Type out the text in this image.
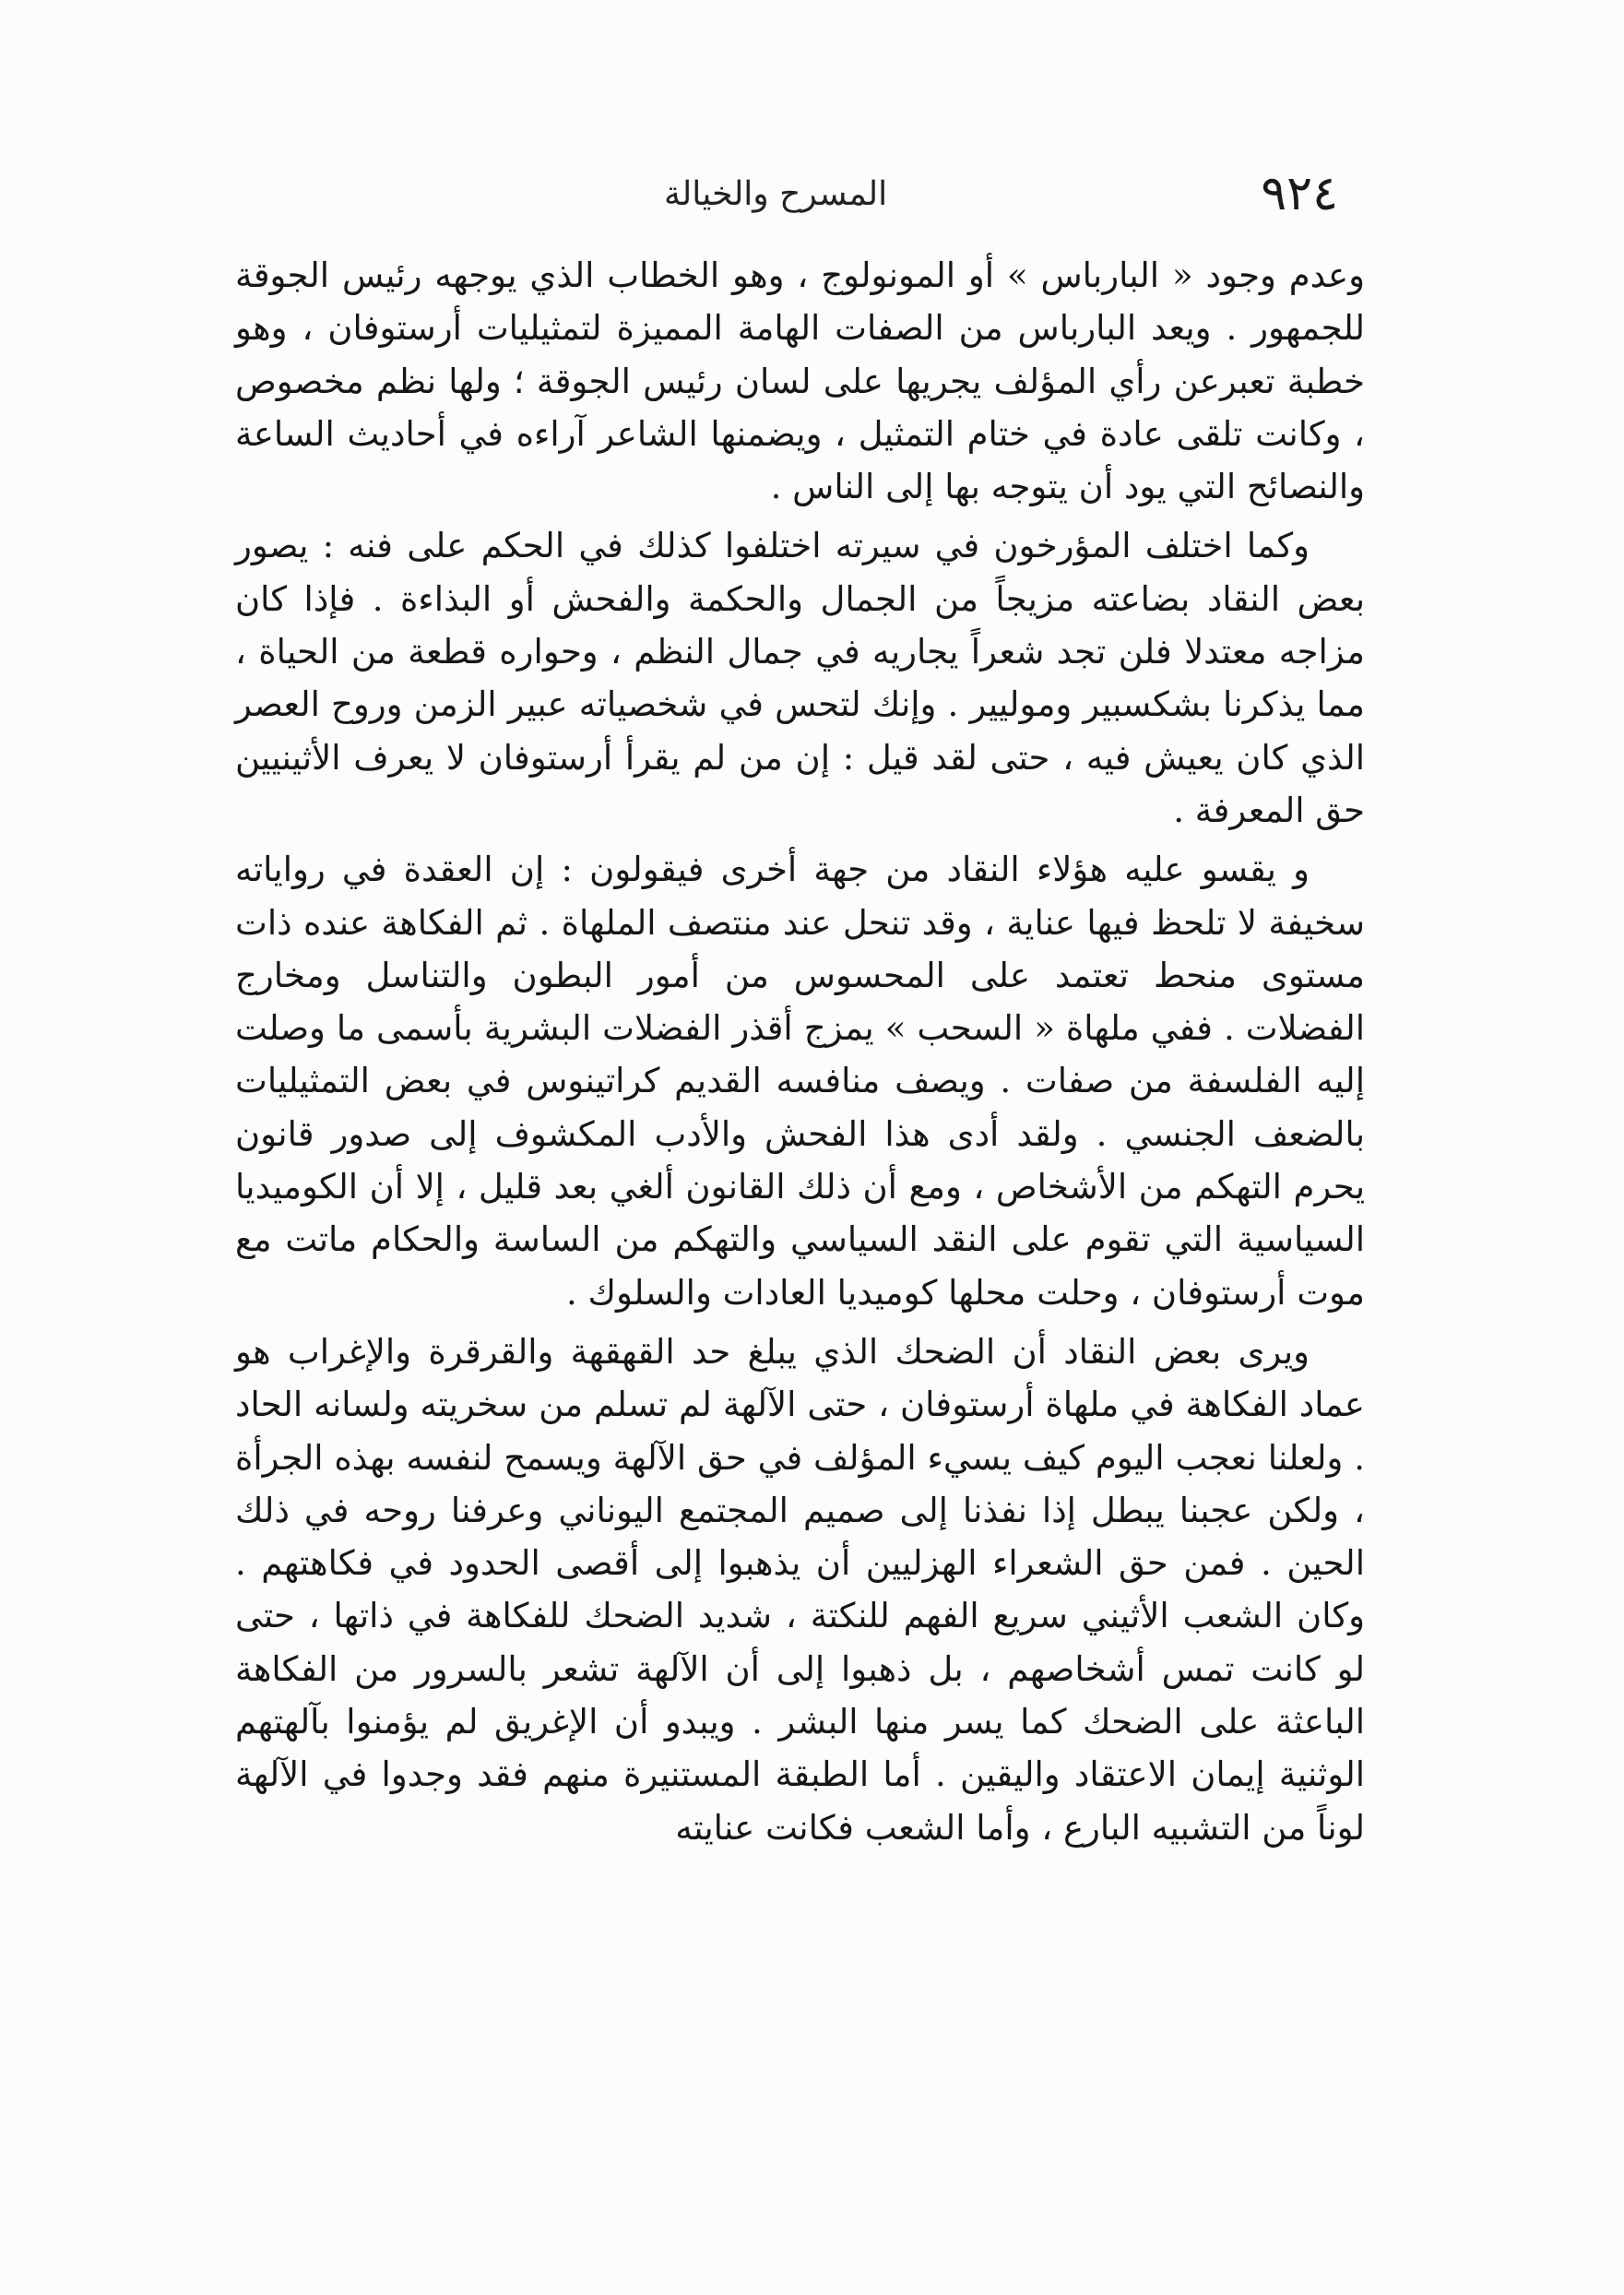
٩٢٤
المسرح والخيالة

وعدم وجود « البارباس » أو المونولوج ، وهو الخطاب الذي يوجهه رئيس الجوقة للجمهور . ويعد البارباس من الصفات الهامة المميزة لتمثيليات أرستوفان ، وهو خطبة تعبرعن رأي المؤلف يجريها على لسان رئيس الجوقة ؛ ولها نظم مخصوص ، وكانت تلقى عادة في ختام التمثيل ، ويضمنها الشاعر آراءه في أحاديث الساعة والنصائح التي يود أن يتوجه بها إلى الناس .

وكما اختلف المؤرخون في سيرته اختلفوا كذلك في الحكم على فنه : يصور بعض النقاد بضاعته مزيجاً من الجمال والحكمة والفحش أو البذاءة . فإذا كان مزاجه معتدلا فلن تجد شعراً يجاريه في جمال النظم ، وحواره قطعة من الحياة ، مما يذكرنا بشكسبير وموليير . وإنك لتحس في شخصياته عبير الزمن وروح العصر الذي كان يعيش فيه ، حتى لقد قيل : إن من لم يقرأ أرستوفان لا يعرف الأثينيين حق المعرفة .

و يقسو عليه هؤلاء النقاد من جهة أخرى فيقولون : إن العقدة في رواياته سخيفة لا تلحظ فيها عناية ، وقد تنحل عند منتصف الملهاة . ثم الفكاهة عنده ذات مستوى منحط تعتمد على المحسوس من أمور البطون والتناسل ومخارج الفضلات . ففي ملهاة « السحب » يمزج أقذر الفضلات البشرية بأسمى ما وصلت إليه الفلسفة من صفات . ويصف منافسه القديم كراتينوس في بعض التمثيليات بالضعف الجنسي . ولقد أدى هذا الفحش والأدب المكشوف إلى صدور قانون يحرم التهكم من الأشخاص ، ومع أن ذلك القانون ألغي بعد قليل ، إلا أن الكوميديا السياسية التي تقوم على النقد السياسي والتهكم من الساسة والحكام ماتت مع موت أرستوفان ، وحلت محلها كوميديا العادات والسلوك .

ويرى بعض النقاد أن الضحك الذي يبلغ حد القهقهة والقرقرة والإغراب هو عماد الفكاهة في ملهاة أرستوفان ، حتى الآلهة لم تسلم من سخريته ولسانه الحاد . ولعلنا نعجب اليوم كيف يسيء المؤلف في حق الآلهة ويسمح لنفسه بهذه الجرأة ، ولكن عجبنا يبطل إذا نفذنا إلى صميم المجتمع اليوناني وعرفنا روحه في ذلك الحين . فمن حق الشعراء الهزليين أن يذهبوا إلى أقصى الحدود في فكاهتهم . وكان الشعب الأثيني سريع الفهم للنكتة ، شديد الضحك للفكاهة في ذاتها ، حتى لو كانت تمس أشخاصهم ، بل ذهبوا إلى أن الآلهة تشعر بالسرور من الفكاهة الباعثة على الضحك كما يسر منها البشر . ويبدو أن الإغريق لم يؤمنوا بآلهتهم الوثنية إيمان الاعتقاد واليقين . أما الطبقة المستنيرة منهم فقد وجدوا في الآلهة لوناً من التشبيه البارع ، وأما الشعب فكانت عنايته
